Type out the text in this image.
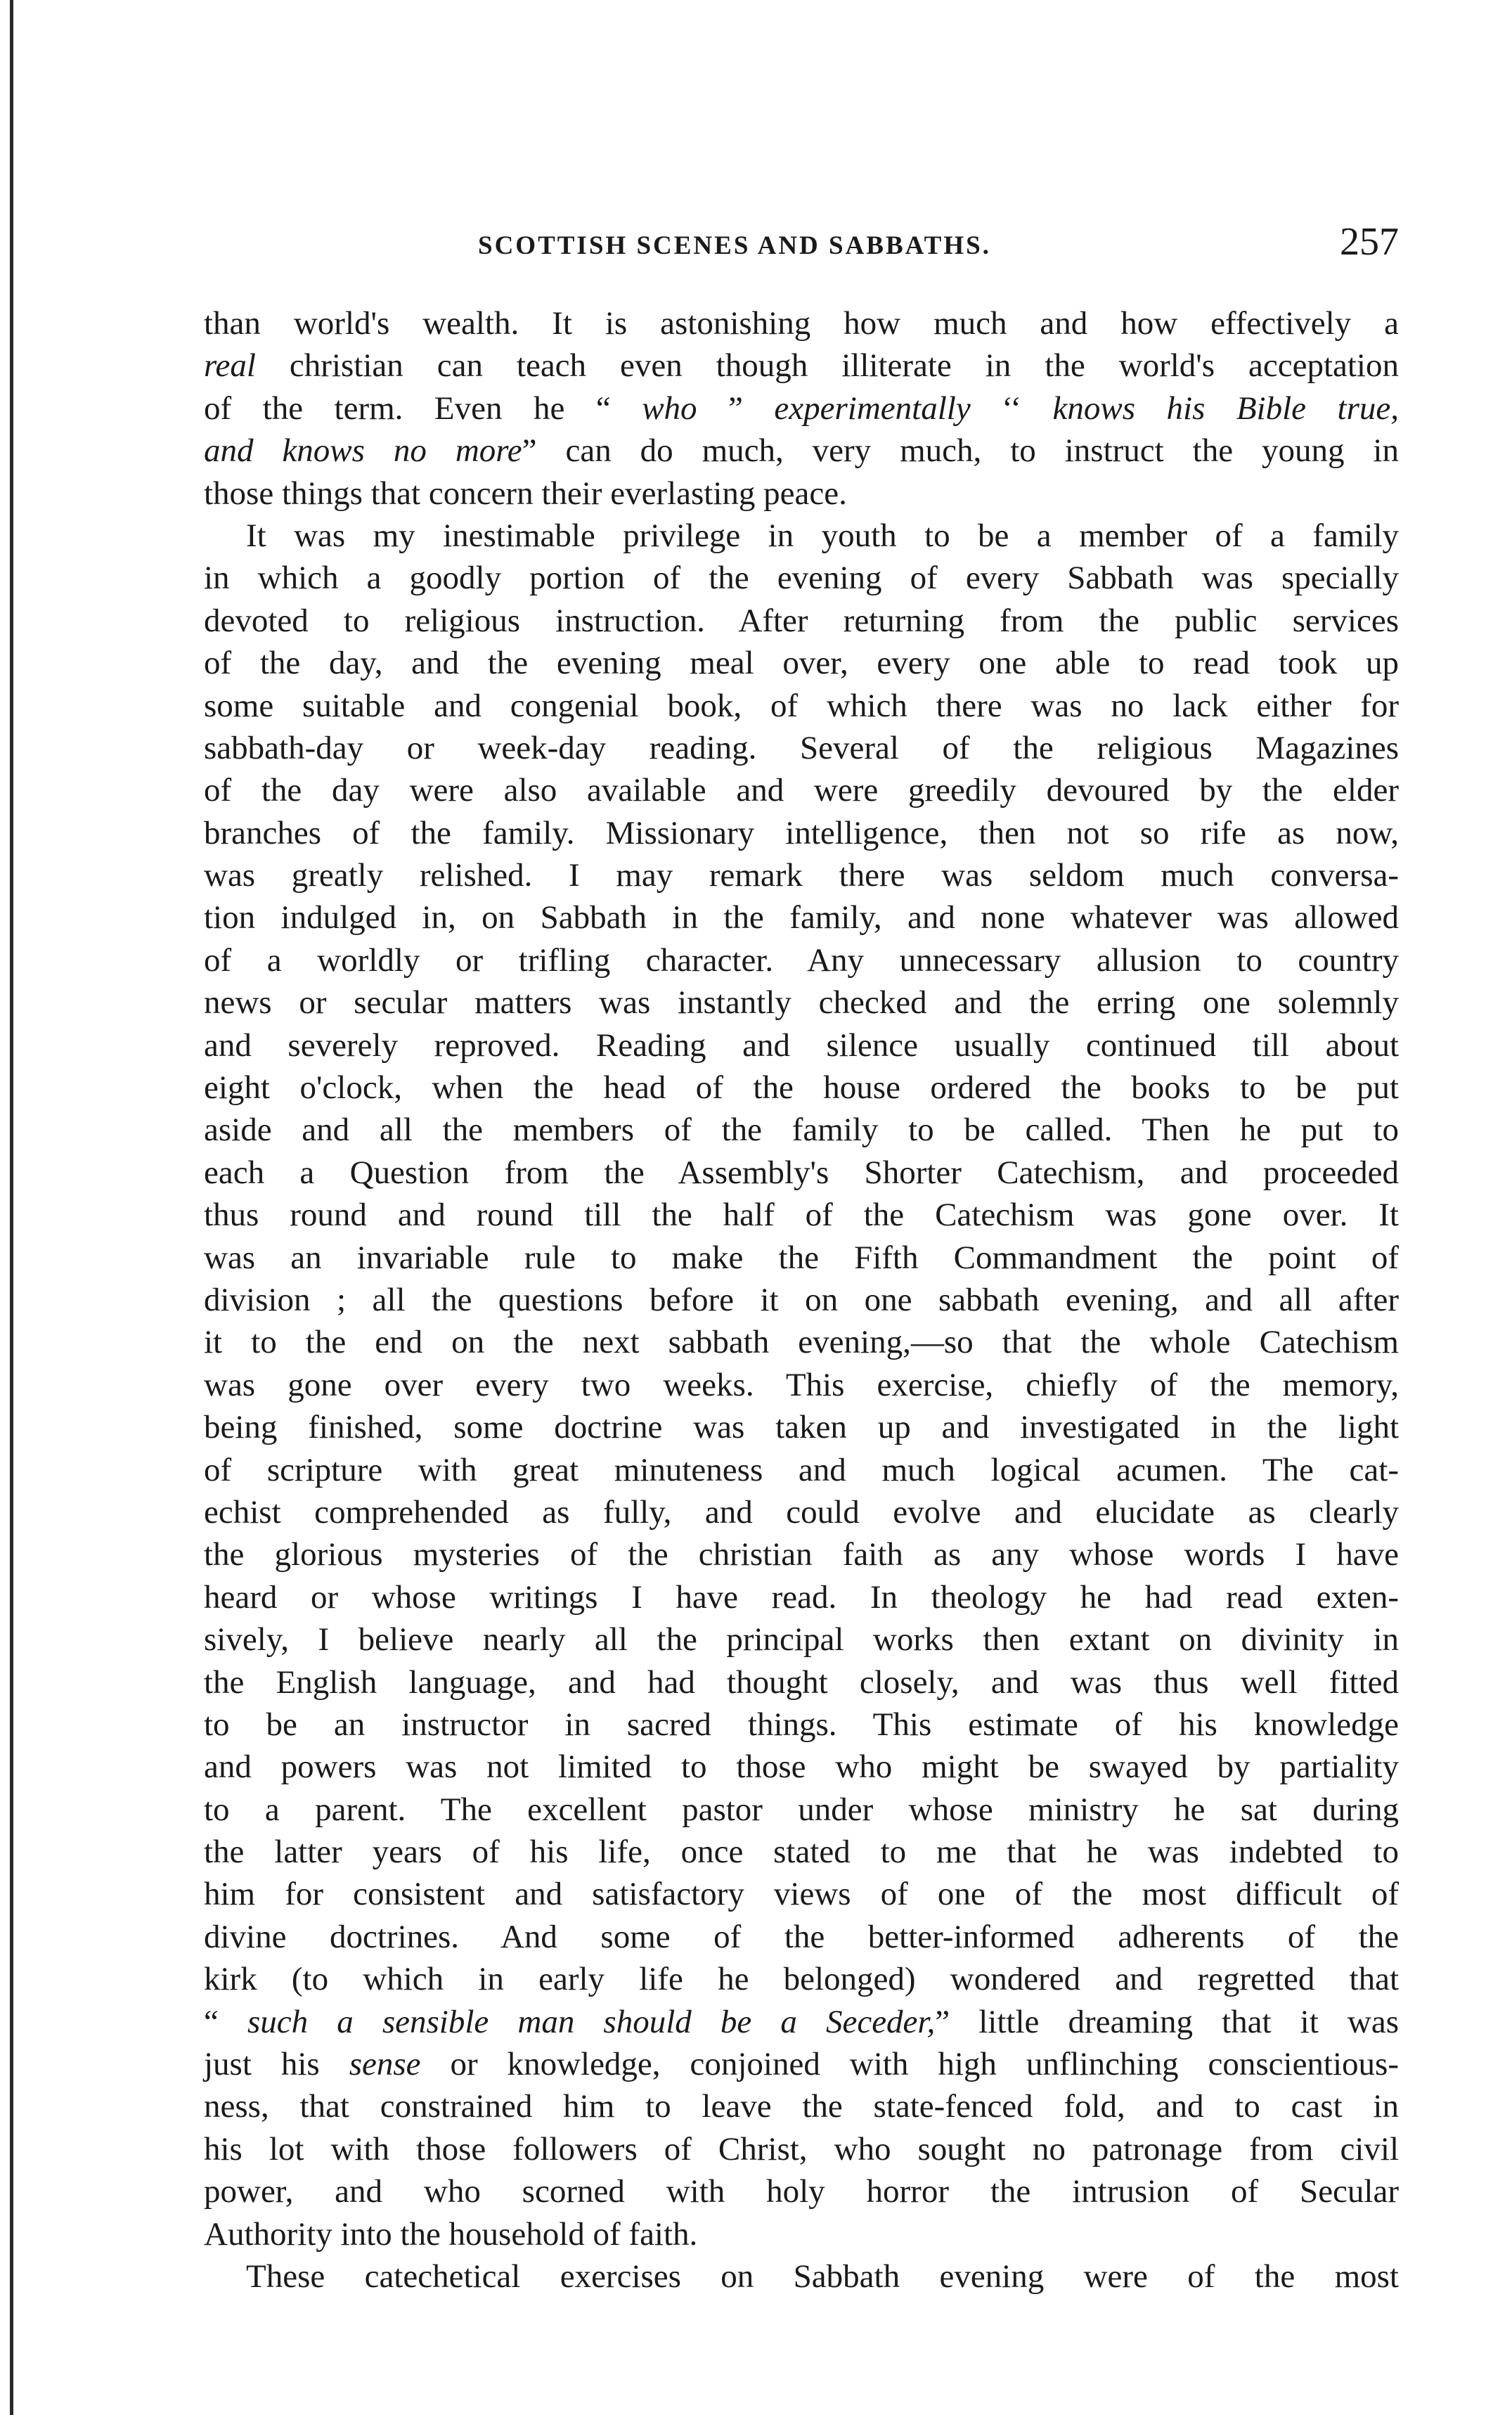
SCOTTISH SCENES AND SABBATHS.	257
than world's wealth. It is astonishing how much and how effectively a
real christian can teach even though illiterate in the world's acceptation
of the term. Even he “ who ” experimentally ‘‘ knows his Bible true,
and knows no more” can do much, very much, to instruct the young in
those things that concern their everlasting peace.
It was my inestimable privilege in youth to be a member of a family
in which a goodly portion of the evening of every Sabbath was specially
devoted to religious instruction. After returning from the public services
of the day, and the evening meal over, every one able to read took up
some suitable and congenial book, of which there was no lack either for
sabbath-day or week-day reading. Several of the religious Magazines
of the day were also available and were greedily devoured by the elder
branches of the family. Missionary intelligence, then not so rife as now,
was greatly relished. I may remark there was seldom much conversa-
tion indulged in, on Sabbath in the family, and none whatever was allowed
of a worldly or trifling character. Any unnecessary allusion to country
news or secular matters was instantly checked and the erring one solemnly
and severely reproved. Reading and silence usually continued till about
eight o'clock, when the head of the house ordered the books to be put
aside and all the members of the family to be called. Then he put to
each a Question from the Assembly's Shorter Catechism, and proceeded
thus round and round till the half of the Catechism was gone over. It
was an invariable rule to make the Fifth Commandment the point of
division ; all the questions before it on one sabbath evening, and all after
it to the end on the next sabbath evening,—so that the whole Catechism
was gone over every two weeks. This exercise, chiefly of the memory,
being finished, some doctrine was taken up and investigated in the light
of scripture with great minuteness and much logical acumen. The cat-
echist comprehended as fully, and could evolve and elucidate as clearly
the glorious mysteries of the christian faith as any whose words I have
heard or whose writings I have read. In theology he had read exten-
sively, I believe nearly all the principal works then extant on divinity in
the English language, and had thought closely, and was thus well fitted
to be an instructor in sacred things. This estimate of his knowledge
and powers was not limited to those who might be swayed by partiality
to a parent. The excellent pastor under whose ministry he sat during
the latter years of his life, once stated to me that he was indebted to
him for consistent and satisfactory views of one of the most difficult of
divine doctrines. And some of the better-informed adherents of the
kirk (to which in early life he belonged) wondered and regretted that
“ such a sensible man should be a Seceder,” little dreaming that it was
just his sense or knowledge, conjoined with high unflinching conscientious-
ness, that constrained him to leave the state-fenced fold, and to cast in
his lot with those followers of Christ, who sought no patronage from civil
power, and who scorned with holy horror the intrusion of Secular
Authority into the household of faith.
These catechetical exercises on Sabbath evening were of the most
